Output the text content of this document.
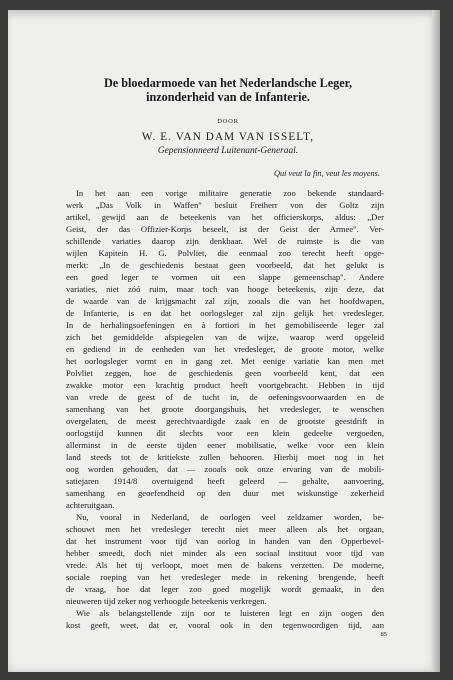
De bloedarmoede van het Nederlandsche Leger,
inzonderheid van de Infanterie.
DOOR
W. E. VAN DAM VAN ISSELT,
Gepensionneerd Luitenant-Generaal.
Qui veut la fin, veut les moyens.
In het aan een vorige militaire generatie zoo bekende standaard-
werk „Das Volk in Waffen" besluit Freiherr von der Goltz zijn
artikel, gewijd aan de beteekenis van het officierskorps, aldus: „Der
Geist, der das Offizier-Korps beseelt, ist der Geist der Armee". Ver-
schillende variaties daarop zijn denkbaar. Wel de ruimste is die van
wijlen Kapitein H. G. Polvliet, die eenmaal zoo terecht heeft opge-
merkt: „In de geschiedenis bestaat geen voorbeeld, dat het gelukt is
een goed leger te vormen uit een slappe gemeenschap". Andere
variaties, niet zóó ruim, maar toch van hooge beteekenis, zijn deze, dat
de waarde van de krijgsmacht zal zijn, zooals die van het hoofdwapen,
de Infanterie, is en dat het oorlogsleger zal zijn gelijk het vredesleger.
In de herhalingsoefeningen en à fortiori in het gemobiliseerde leger zal
zich het gemiddelde afspiegelen van de wijze, waarop werd opgeleid
en gediend in de eenheden van het vredesleger, de groote motor, welke
het oorlogsleger vormt en in gang zet. Met eenige variatie kan men met
Polvliet zeggen, hoe de geschiedenis geen voorbeeld kent, dat een
zwakke motor een krachtig product heeft voortgebracht. Hebben in tijd
van vrede de geest of de tucht in, de oefeningsvoorwaarden en de
samenhang van het groote doorgangshuis, het vredesleger, te wenschen
overgelaten, de meest gerechtvaardigde zaak en de grootste geestdrift in
oorlogstijd kunnen dit slechts voor een klein gedeelte vergoeden,
allerminst in de eerste tijden eener mobilisatie, welke voor een klein
land steeds tot de kritiekste zullen behooren. Hierbij moet nog in het
oog worden gehouden, dat — zooals ook onze ervaring van de mobili-
satiejaren 1914/8 overtuigend heeft geleerd — gehalte, aanvoering,
samenhang en geoefendheid op den duur met wiskunstige zekerheid
achteruitgaan.
Nu, vooral in Nederland, de oorlogen veel zeldzamer worden, be-
schouwt men het vredesleger terecht niet meer alleen als het orgaan,
dat het instrument voor tijd van oorlog in handen van den Opperbevel-
hebber smeedt, doch niet minder als een sociaal instituut voor tijd van
vrede. Als het tij verloopt, moet men de bakens verzetten. De moderne,
sociale roeping van het vredesleger mede in rekening brengende, heeft
de vraag, hoe dat leger zoo goed mogelijk wordt gemaakt, in den
nieuweren tijd zeker nog verhoogde beteekenis verkregen.
Wie als belangstellende zijn oor te luisteren legt en zijn oogen den
kost geeft, weet, dat er, vooral ook in den tegenwoordigen tijd, aan
85
